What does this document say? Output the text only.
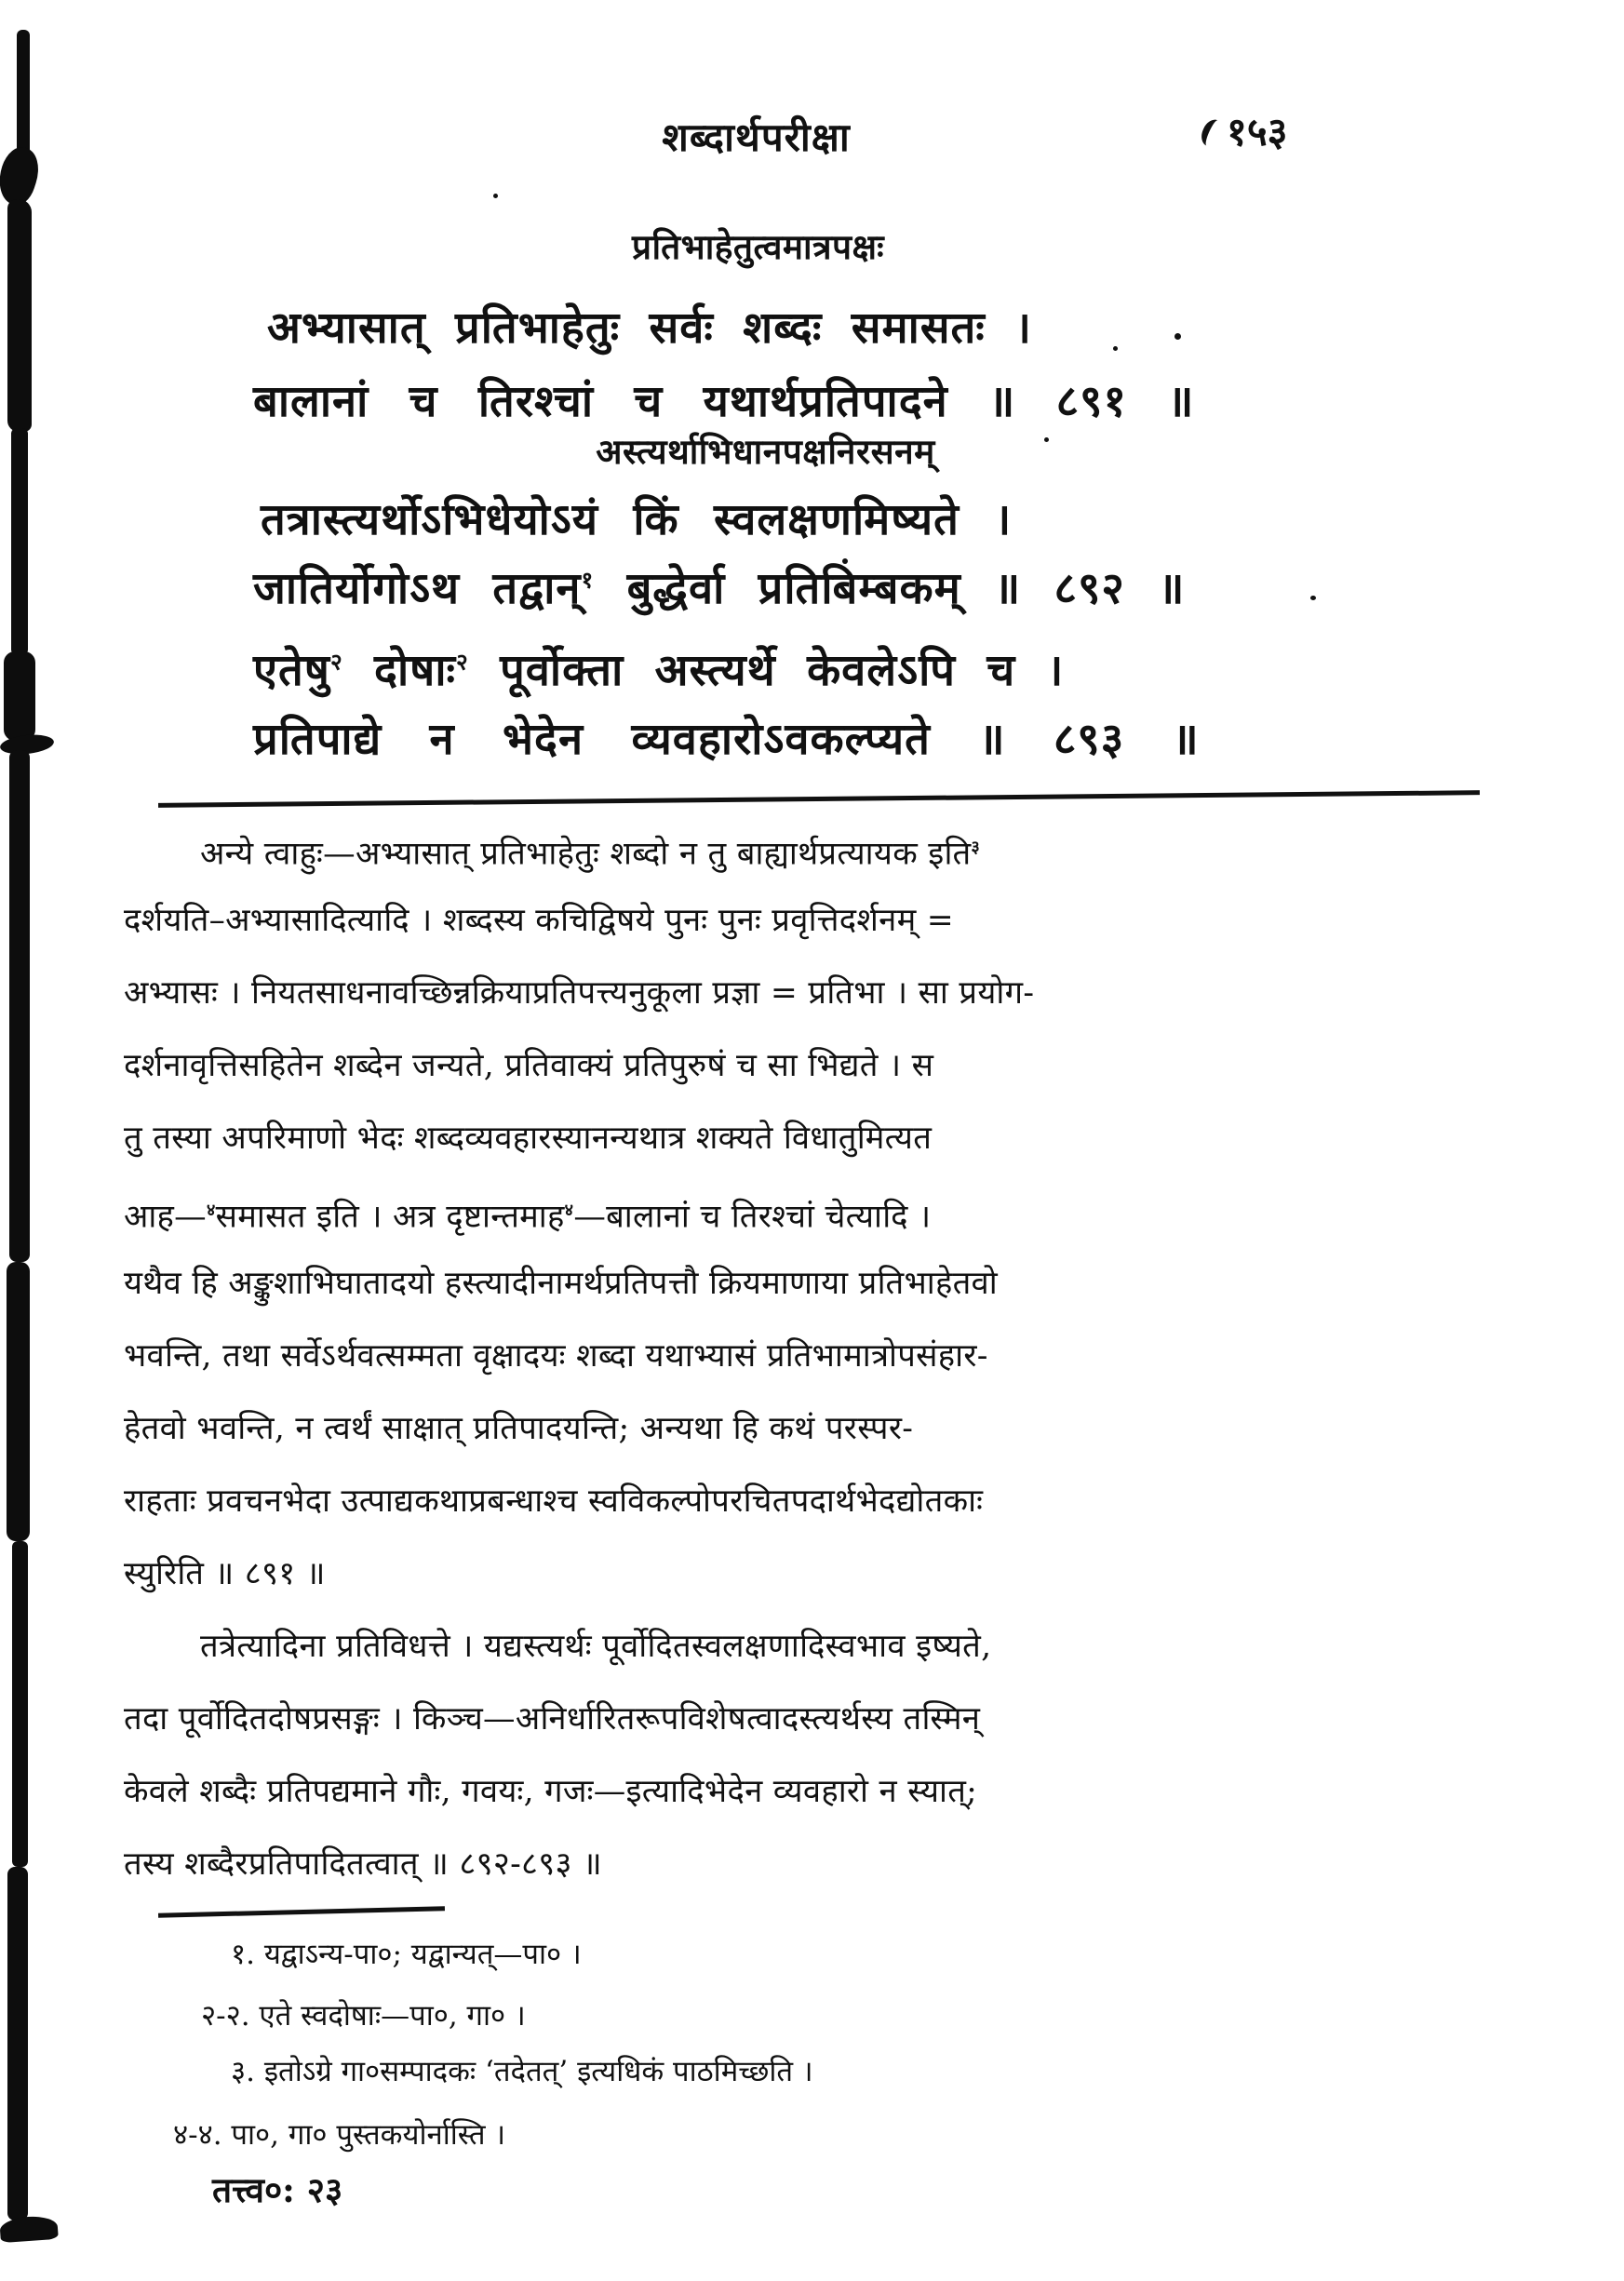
शब्दार्थपरीक्षा	१५३
प्रतिभाहेतुत्वमात्रपक्षः
अभ्यासात् प्रतिभाहेतुः सर्वः शब्दः समासतः ।
बालानां च तिरश्चां च यथार्थप्रतिपादने ॥ ८९१ ॥
अस्त्यर्थाभिधानपक्षनिरसनम्
तत्रास्त्यर्थोऽभिधेयोऽयं किं स्वलक्षणमिष्यते ।
जातिर्योगोऽथ तद्वान्$^१$ बुद्धेर्वा प्रतिबिम्बकम् ॥ ८९२ ॥
एतेषु$^२$ दोषाः$^२$ पूर्वोक्ता अस्त्यर्थे केवलेऽपि च ।
प्रतिपाद्ये न भेदेन व्यवहारोऽवकल्प्यते ॥ ८९३ ॥
अन्ये त्वाहुः—अभ्यासात् प्रतिभाहेतुः शब्दो न तु बाह्यार्थप्रत्यायक इति$^३$
दर्शयति–अभ्यासादित्यादि । शब्दस्य कचिद्विषये पुनः पुनः प्रवृत्तिदर्शनम् =
अभ्यासः । नियतसाधनावच्छिन्नक्रियाप्रतिपत्त्यनुकूला प्रज्ञा = प्रतिभा । सा प्रयोग-
दर्शनावृत्तिसहितेन शब्देन जन्यते, प्रतिवाक्यं प्रतिपुरुषं च सा भिद्यते । स
तु तस्या अपरिमाणो भेदः शब्दव्यवहारस्यानन्यथात्र शक्यते विधातुमित्यत
आह—$^४$समासत इति । अत्र दृष्टान्तमाह$^४$—बालानां च तिरश्चां चेत्यादि ।
यथैव हि अङ्कुशाभिघातादयो हस्त्यादीनामर्थप्रतिपत्तौ क्रियमाणाया प्रतिभाहेतवो
भवन्ति, तथा सर्वेऽर्थवत्सम्मता वृक्षादयः शब्दा यथाभ्यासं प्रतिभामात्रोपसंहार-
हेतवो भवन्ति, न त्वर्थं साक्षात् प्रतिपादयन्ति; अन्यथा हि कथं परस्पर-
राहताः प्रवचनभेदा उत्पाद्यकथाप्रबन्धाश्च स्वविकल्पोपरचितपदार्थभेदद्योतकाः
स्युरिति ॥ ८९१ ॥
तत्रेत्यादिना प्रतिविधत्ते । यद्यस्त्यर्थः पूर्वोदितस्वलक्षणादिस्वभाव इष्यते,
तदा पूर्वोदितदोषप्रसङ्गः । किञ्च—अनिर्धारितरूपविशेषत्वादस्त्यर्थस्य तस्मिन्
केवले शब्दैः प्रतिपद्यमाने गौः, गवयः, गजः—इत्यादिभेदेन व्यवहारो न स्यात्;
तस्य शब्दैरप्रतिपादितत्वात् ॥ ८९२-८९३ ॥
१. यद्वाऽन्य-पा०; यद्वान्यत्—पा० ।
२-२. एते स्वदोषाः—पा०, गा० ।
३. इतोऽग्रे गा०सम्पादकः ‘तदेतत्’ इत्यधिकं पाठमिच्छति ।
४-४. पा०, गा० पुस्तकयोर्नास्ति ।
तत्त्व०: २३
